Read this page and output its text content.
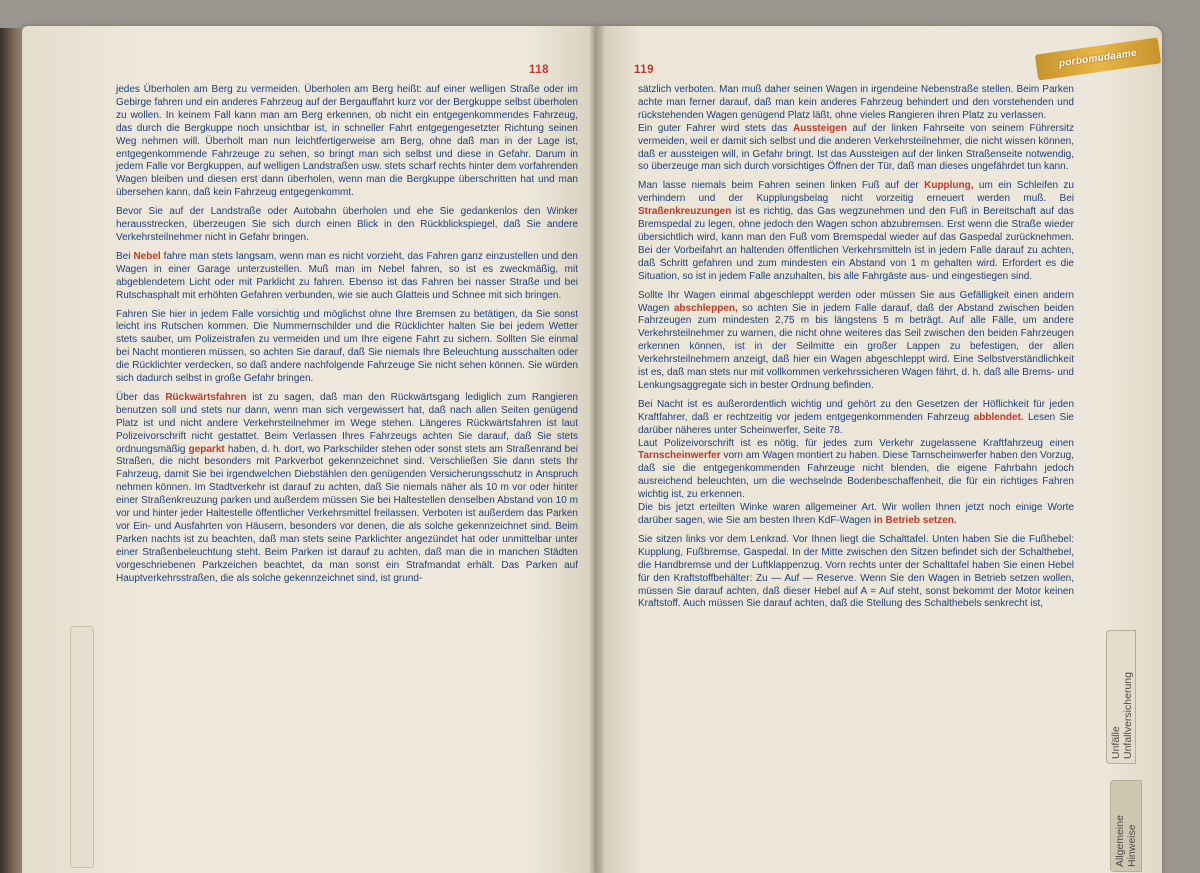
118

jedes Überholen am Berg zu vermeiden. Überholen am Berg heißt: auf einer welligen Straße oder im Gebirge fahren und ein anderes Fahrzeug auf der Bergauffahrt kurz vor der Bergkuppe selbst überholen zu wollen. In keinem Fall kann man am Berg erkennen, ob nicht ein entgegenkommendes Fahrzeug, das durch die Bergkuppe noch unsichtbar ist, in schneller Fahrt entgegengesetzter Richtung seinen Weg nehmen will. Überholt man nun leichtfertigerweise am Berg, ohne daß man in der Lage ist, entgegenkommende Fahrzeuge zu sehen, so bringt man sich selbst und diese in Gefahr. Darum in jedem Falle vor Bergkuppen, auf welligen Landstraßen usw. stets scharf rechts hinter dem vorfahrenden Wagen bleiben und diesen erst dann überholen, wenn man die Bergkuppe überschritten hat und man übersehen kann, daß kein Fahrzeug entgegenkommt.

Bevor Sie auf der Landstraße oder Autobahn überholen und ehe Sie gedankenlos den Winker herausstrecken, überzeugen Sie sich durch einen Blick in den Rückblickspiegel, daß Sie andere Verkehrsteilnehmer nicht in Gefahr bringen.

Bei Nebel fahre man stets langsam, wenn man es nicht vorzieht, das Fahren ganz einzustellen und den Wagen in einer Garage unterzustellen. Muß man im Nebel fahren, so ist es zweckmäßig, mit abgeblendetem Licht oder mit Parklicht zu fahren. Ebenso ist das Fahren bei nasser Straße und bei Rutschasphalt mit erhöhten Gefahren verbunden, wie sie auch Glatteis und Schnee mit sich bringen.

Fahren Sie hier in jedem Falle vorsichtig und möglichst ohne Ihre Bremsen zu betätigen, da Sie sonst leicht ins Rutschen kommen. Die Nummernschilder und die Rücklichter halten Sie bei jedem Wetter stets sauber, um Polizeistrafen zu vermeiden und um Ihre eigene Fahrt zu sichern. Sollten Sie einmal bei Nacht montieren müssen, so achten Sie darauf, daß Sie niemals Ihre Beleuchtung ausschalten oder die Rücklichter verdecken, so daß andere nachfolgende Fahrzeuge Sie nicht sehen können. Sie würden sich dadurch selbst in große Gefahr bringen.

Über das Rückwärtsfahren ist zu sagen, daß man den Rückwärtsgang lediglich zum Rangieren benutzen soll und stets nur dann, wenn man sich vergewissert hat, daß nach allen Seiten genügend Platz ist und nicht andere Verkehrsteilnehmer im Wege stehen. Längeres Rückwärtsfahren ist laut Polizeivorschrift nicht gestattet. Beim Verlassen Ihres Fahrzeugs achten Sie darauf, daß Sie stets ordnungsmäßig geparkt haben, d. h. dort, wo Parkschilder stehen oder sonst stets am Straßenrand bei Straßen, die nicht besonders mit Parkverbot gekennzeichnet sind. Verschließen Sie dann stets Ihr Fahrzeug, damit Sie bei irgendwelchen Diebstählen den genügenden Versicherungsschutz in Anspruch nehmen können. Im Stadtverkehr ist darauf zu achten, daß Sie niemals näher als 10 m vor oder hinter einer Straßenkreuzung parken und außerdem müssen Sie bei Haltestellen denselben Abstand von 10 m vor und hinter jeder Haltestelle öffentlicher Verkehrsmittel freilassen. Verboten ist außerdem das Parken vor Ein- und Ausfahrten von Häusern, besonders vor denen, die als solche gekennzeichnet sind. Beim Parken nachts ist zu beachten, daß man stets seine Parklichter angezündet hat oder unmittelbar unter einer Straßenbeleuchtung steht. Beim Parken ist darauf zu achten, daß man die in manchen Städten vorgeschriebenen Parkzeichen beachtet, da man sonst ein Strafmandat erhält. Das Parken auf Hauptverkehrsstraßen, die als solche gekennzeichnet sind, ist grund-

119

sätzlich verboten. Man muß daher seinen Wagen in irgendeine Nebenstraße stellen. Beim Parken achte man ferner darauf, daß man kein anderes Fahrzeug behindert und den vorstehenden und rückstehenden Wagen genügend Platz läßt, ohne vieles Rangieren ihren Platz zu verlassen.
Ein guter Fahrer wird stets das Aussteigen auf der linken Fahrseite von seinem Führersitz vermeiden, weil er damit sich selbst und die anderen Verkehrsteilnehmer, die nicht wissen können, daß er aussteigen will, in Gefahr bringt. Ist das Aussteigen auf der linken Straßenseite notwendig, so überzeuge man sich durch vorsichtiges Öffnen der Tür, daß man dieses ungefährdet tun kann.

Man lasse niemals beim Fahren seinen linken Fuß auf der Kupplung, um ein Schleifen zu verhindern und der Kupplungsbelag nicht vorzeitig erneuert werden muß. Bei Straßenkreuzungen ist es richtig, das Gas wegzunehmen und den Fuß in Bereitschaft auf das Bremspedal zu legen, ohne jedoch den Wagen schon abzubremsen. Erst wenn die Straße wieder übersichtlich wird, kann man den Fuß vom Bremspedal wieder auf das Gaspedal zurücknehmen. Bei der Vorbeifahrt an haltenden öffentlichen Verkehrsmitteln ist in jedem Falle darauf zu achten, daß Schritt gefahren und zum mindesten ein Abstand von 1 m gehalten wird. Erfordert es die Situation, so ist in jedem Falle anzuhalten, bis alle Fahrgäste aus- und eingestiegen sind.

Sollte Ihr Wagen einmal abgeschleppt werden oder müssen Sie aus Gefälligkeit einen andern Wagen abschleppen, so achten Sie in jedem Falle darauf, daß der Abstand zwischen beiden Fahrzeugen zum mindesten 2,75 m bis längstens 5 m beträgt. Auf alle Fälle, um andere Verkehrsteilnehmer zu warnen, die nicht ohne weiteres das Seil zwischen den beiden Fahrzeugen erkennen können, ist in der Seilmitte ein großer Lappen zu befestigen, der allen Verkehrsteilnehmern anzeigt, daß hier ein Wagen abgeschleppt wird. Eine Selbstverständlichkeit ist es, daß man stets nur mit vollkommen verkehrssicheren Wagen fährt, d. h. daß alle Brems- und Lenkungsaggregate sich in bester Ordnung befinden.

Bei Nacht ist es außerordentlich wichtig und gehört zu den Gesetzen der Höflichkeit für jeden Kraftfahrer, daß er rechtzeitig vor jedem entgegenkommenden Fahrzeug abblendet. Lesen Sie darüber näheres unter Scheinwerfer, Seite 78.
Laut Polizeivorschrift ist es nötig, für jedes zum Verkehr zugelassene Kraftfahrzeug einen Tarnscheinwerfer vorn am Wagen montiert zu haben. Diese Tarnscheinwerfer haben den Vorzug, daß sie die entgegenkommenden Fahrzeuge nicht blenden, die eigene Fahrbahn jedoch ausreichend beleuchten, um die wechselnde Bodenbeschaffenheit, die für ein richtiges Fahren wichtig ist, zu erkennen.
Die bis jetzt erteilten Winke waren allgemeiner Art. Wir wollen Ihnen jetzt noch einige Worte darüber sagen, wie Sie am besten Ihren KdF-Wagen in Betrieb setzen.

Sie sitzen links vor dem Lenkrad. Vor Ihnen liegt die Schalttafel. Unten haben Sie die Fußhebel: Kupplung, Fußbremse, Gaspedal. In der Mitte zwischen den Sitzen befindet sich der Schalthebel, die Handbremse und der Luftklappenzug. Vorn rechts unter der Schalttafel haben Sie einen Hebel für den Kraftstoffbehälter: Zu — Auf — Reserve. Wenn Sie den Wagen in Betrieb setzen wollen, müssen Sie darauf achten, daß dieser Hebel auf A = Auf steht, sonst bekommt der Motor keinen Kraftstoff. Auch müssen Sie darauf achten, daß die Stellung des Schalthebels senkrecht ist,

Unfälle Unfallversicherung
Allgemeine Hinweise
porbomudaame
